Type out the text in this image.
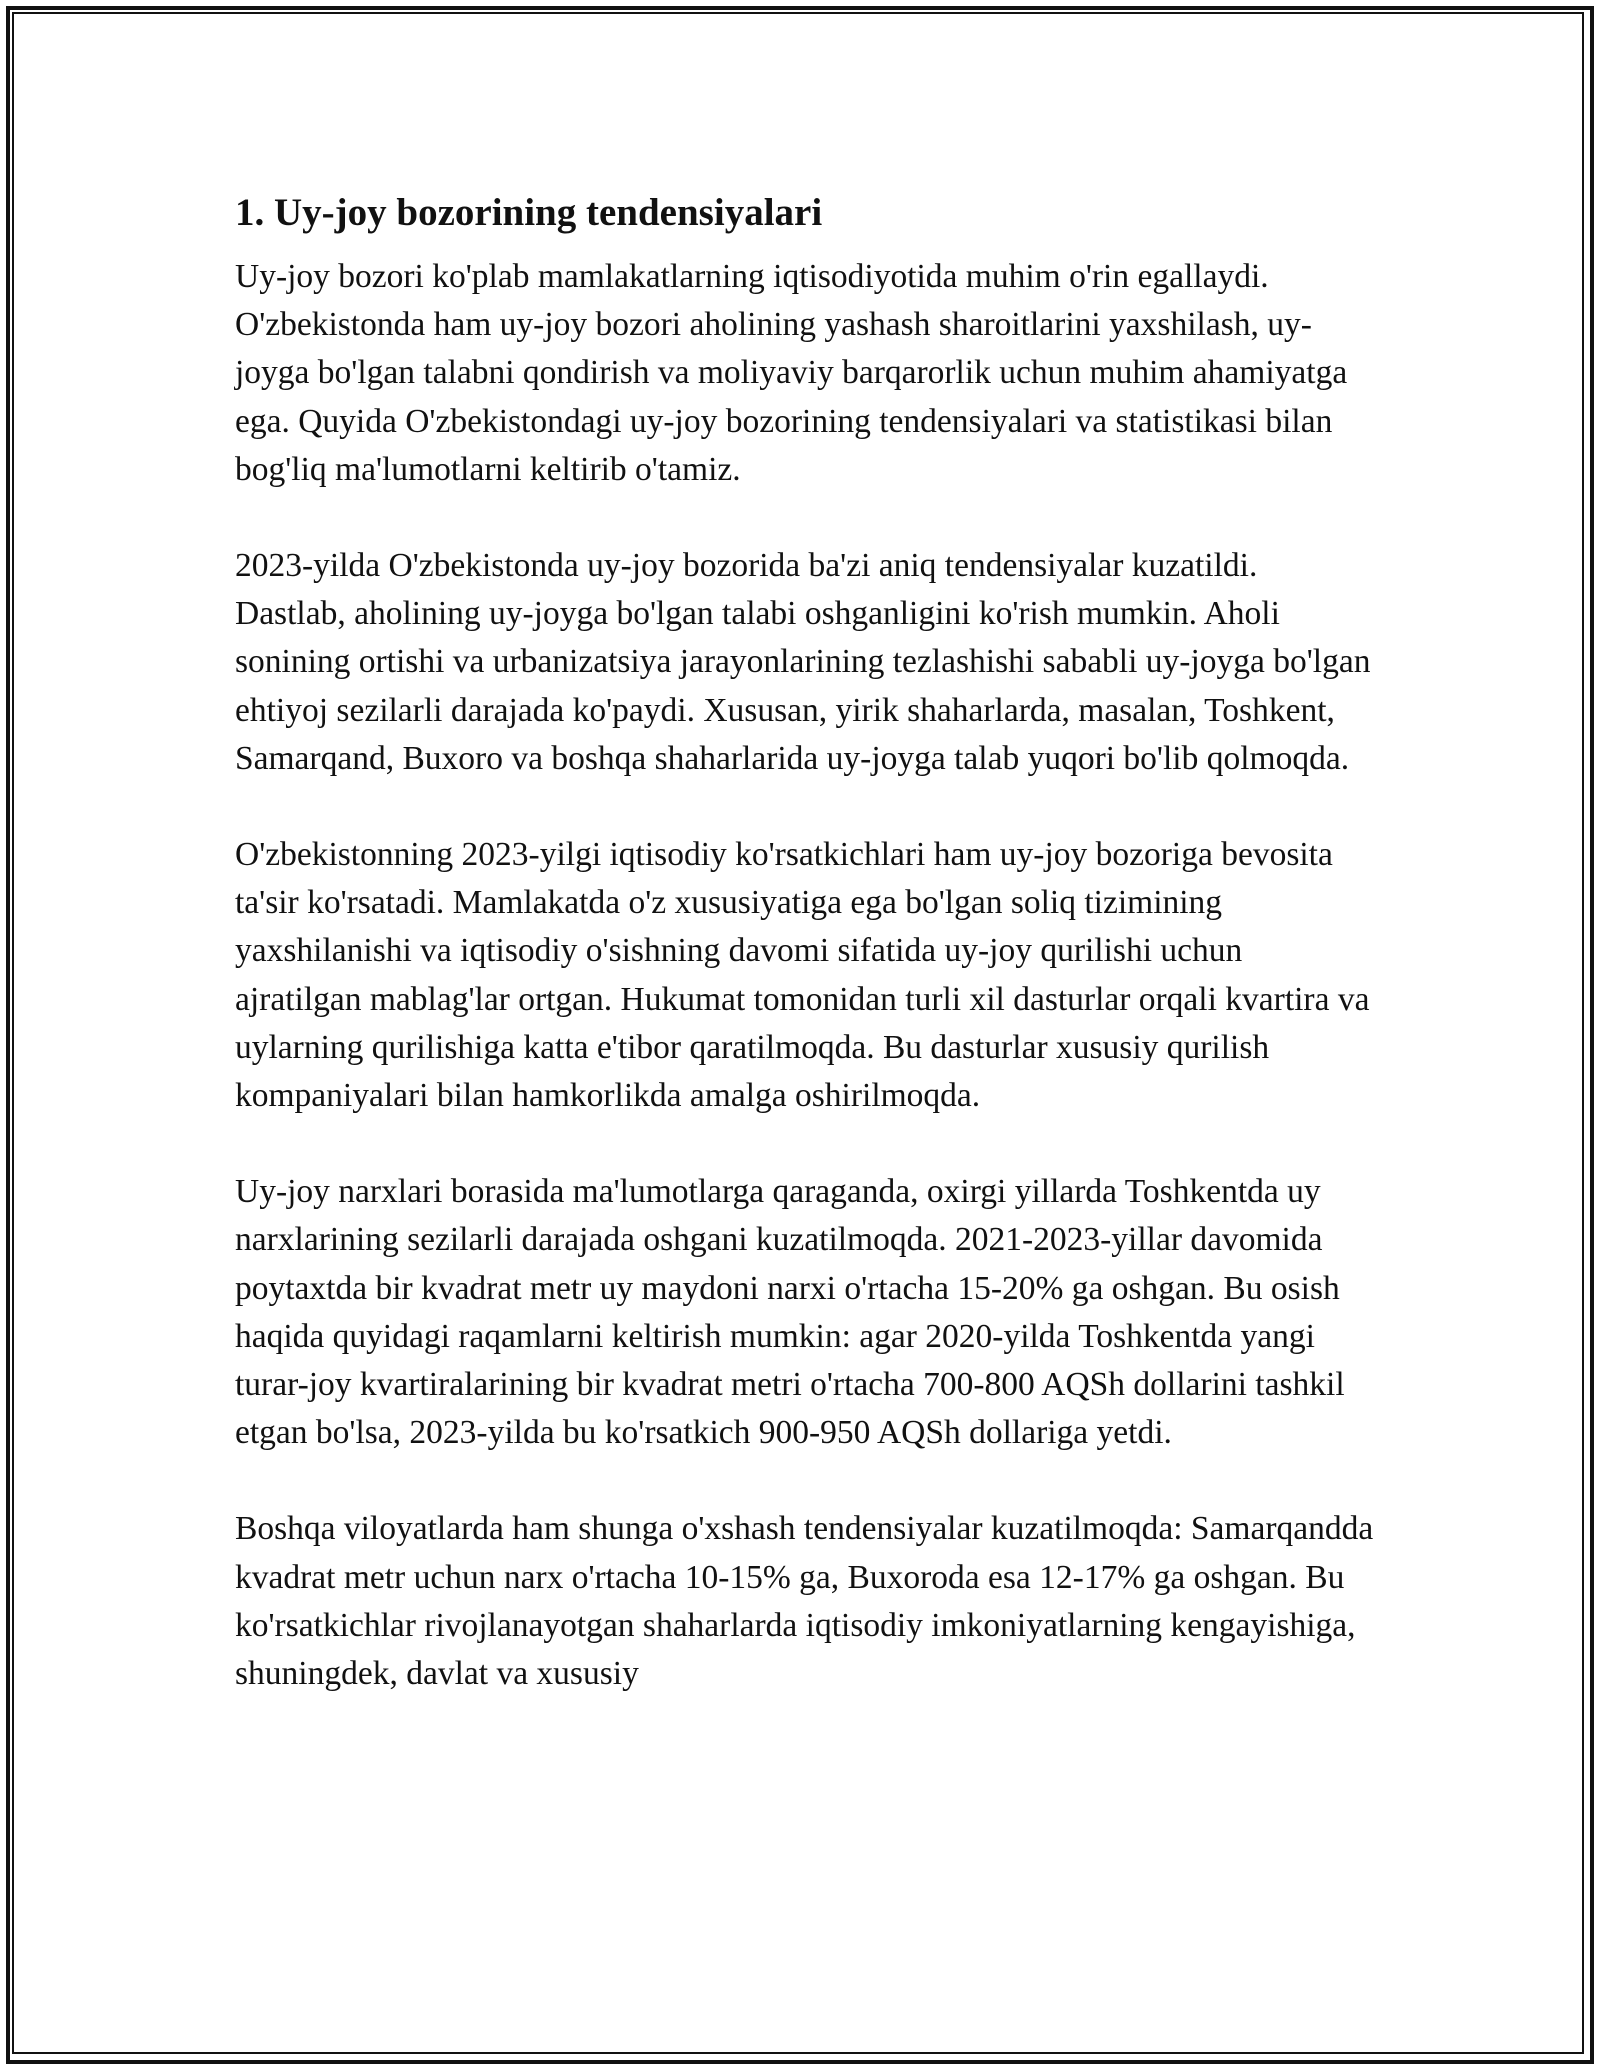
1. Uy-joy bozorining tendensiyalari

Uy-joy bozori ko'plab mamlakatlarning iqtisodiyotida muhim o'rin egallaydi. O'zbekistonda ham uy-joy bozori aholining yashash sharoitlarini yaxshilash, uy-joyga bo'lgan talabni qondirish va moliyaviy barqarorlik uchun muhim ahamiyatga ega. Quyida O'zbekistondagi uy-joy bozorining tendensiyalari va statistikasi bilan bog'liq ma'lumotlarni keltirib o'tamiz.

2023-yilda O'zbekistonda uy-joy bozorida ba'zi aniq tendensiyalar kuzatildi. Dastlab, aholining uy-joyga bo'lgan talabi oshganligini ko'rish mumkin. Aholi sonining ortishi va urbanizatsiya jarayonlarining tezlashishi sababli uy-joyga bo'lgan ehtiyoj sezilarli darajada ko'paydi. Xususan, yirik shaharlarda, masalan, Toshkent, Samarqand, Buxoro va boshqa shaharlarida uy-joyga talab yuqori bo'lib qolmoqda.

O'zbekistonning 2023-yilgi iqtisodiy ko'rsatkichlari ham uy-joy bozoriga bevosita ta'sir ko'rsatadi. Mamlakatda o'z xususiyatiga ega bo'lgan soliq tizimining yaxshilanishi va iqtisodiy o'sishning davomi sifatida uy-joy qurilishi uchun ajratilgan mablag'lar ortgan. Hukumat tomonidan turli xil dasturlar orqali kvartira va uylarning qurilishiga katta e'tibor qaratilmoqda. Bu dasturlar xususiy qurilish kompaniyalari bilan hamkorlikda amalga oshirilmoqda.

Uy-joy narxlari borasida ma'lumotlarga qaraganda, oxirgi yillarda Toshkentda uy narxlarining sezilarli darajada oshgani kuzatilmoqda. 2021-2023-yillar davomida poytaxtda bir kvadrat metr uy maydoni narxi o'rtacha 15-20% ga oshgan. Bu osish haqida quyidagi raqamlarni keltirish mumkin: agar 2020-yilda Toshkentda yangi turar-joy kvartiralarining bir kvadrat metri o'rtacha 700-800 AQSh dollarini tashkil etgan bo'lsa, 2023-yilda bu ko'rsatkich 900-950 AQSh dollariga yetdi.

Boshqa viloyatlarda ham shunga o'xshash tendensiyalar kuzatilmoqda: Samarqandda kvadrat metr uchun narx o'rtacha 10-15% ga, Buxoroda esa 12-17% ga oshgan. Bu ko'rsatkichlar rivojlanayotgan shaharlarda iqtisodiy imkoniyatlarning kengayishiga, shuningdek, davlat va xususiy
